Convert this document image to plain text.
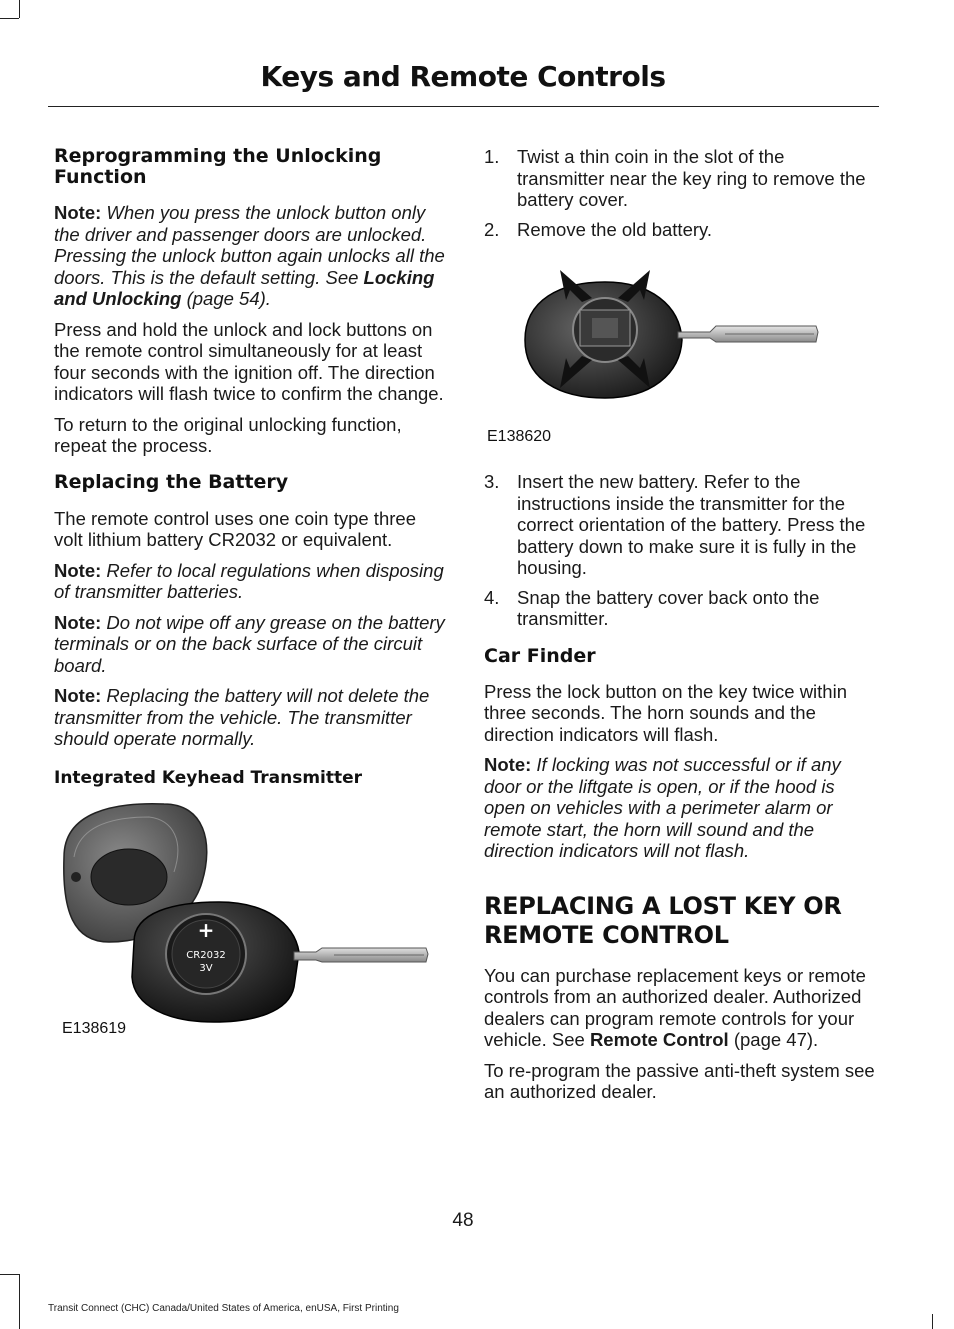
Keys and Remote Controls
Reprogramming the Unlocking Function

Note: When you press the unlock button only the driver and passenger doors are unlocked. Pressing the unlock button again unlocks all the doors. This is the default setting. See Locking and Unlocking (page 54).

Press and hold the unlock and lock buttons on the remote control simultaneously for at least four seconds with the ignition off. The direction indicators will flash twice to confirm the change.

To return to the original unlocking function, repeat the process.

Replacing the Battery

The remote control uses one coin type three volt lithium battery CR2032 or equivalent.

Note: Refer to local regulations when disposing of transmitter batteries.

Note: Do not wipe off any grease on the battery terminals or on the back surface of the circuit board.

Note: Replacing the battery will not delete the transmitter from the vehicle. The transmitter should operate normally.

Integrated Keyhead Transmitter
+
CR2032
3V
E138619
1. Twist a thin coin in the slot of the transmitter near the key ring to remove the battery cover.
2. Remove the old battery.
E138620
3. Insert the new battery. Refer to the instructions inside the transmitter for the correct orientation of the battery. Press the battery down to make sure it is fully in the housing.
4. Snap the battery cover back onto the transmitter.
Car Finder

Press the lock button on the key twice within three seconds. The horn sounds and the direction indicators will flash.

Note: If locking was not successful or if any door or the liftgate is open, or if the hood is open on vehicles with a perimeter alarm or remote start, the horn will sound and the direction indicators will not flash.

REPLACING A LOST KEY OR REMOTE CONTROL

You can purchase replacement keys or remote controls from an authorized dealer. Authorized dealers can program remote controls for your vehicle. See Remote Control (page 47).

To re-program the passive anti-theft system see an authorized dealer.

48
Transit Connect (CHC) Canada/United States of America, enUSA, First Printing
